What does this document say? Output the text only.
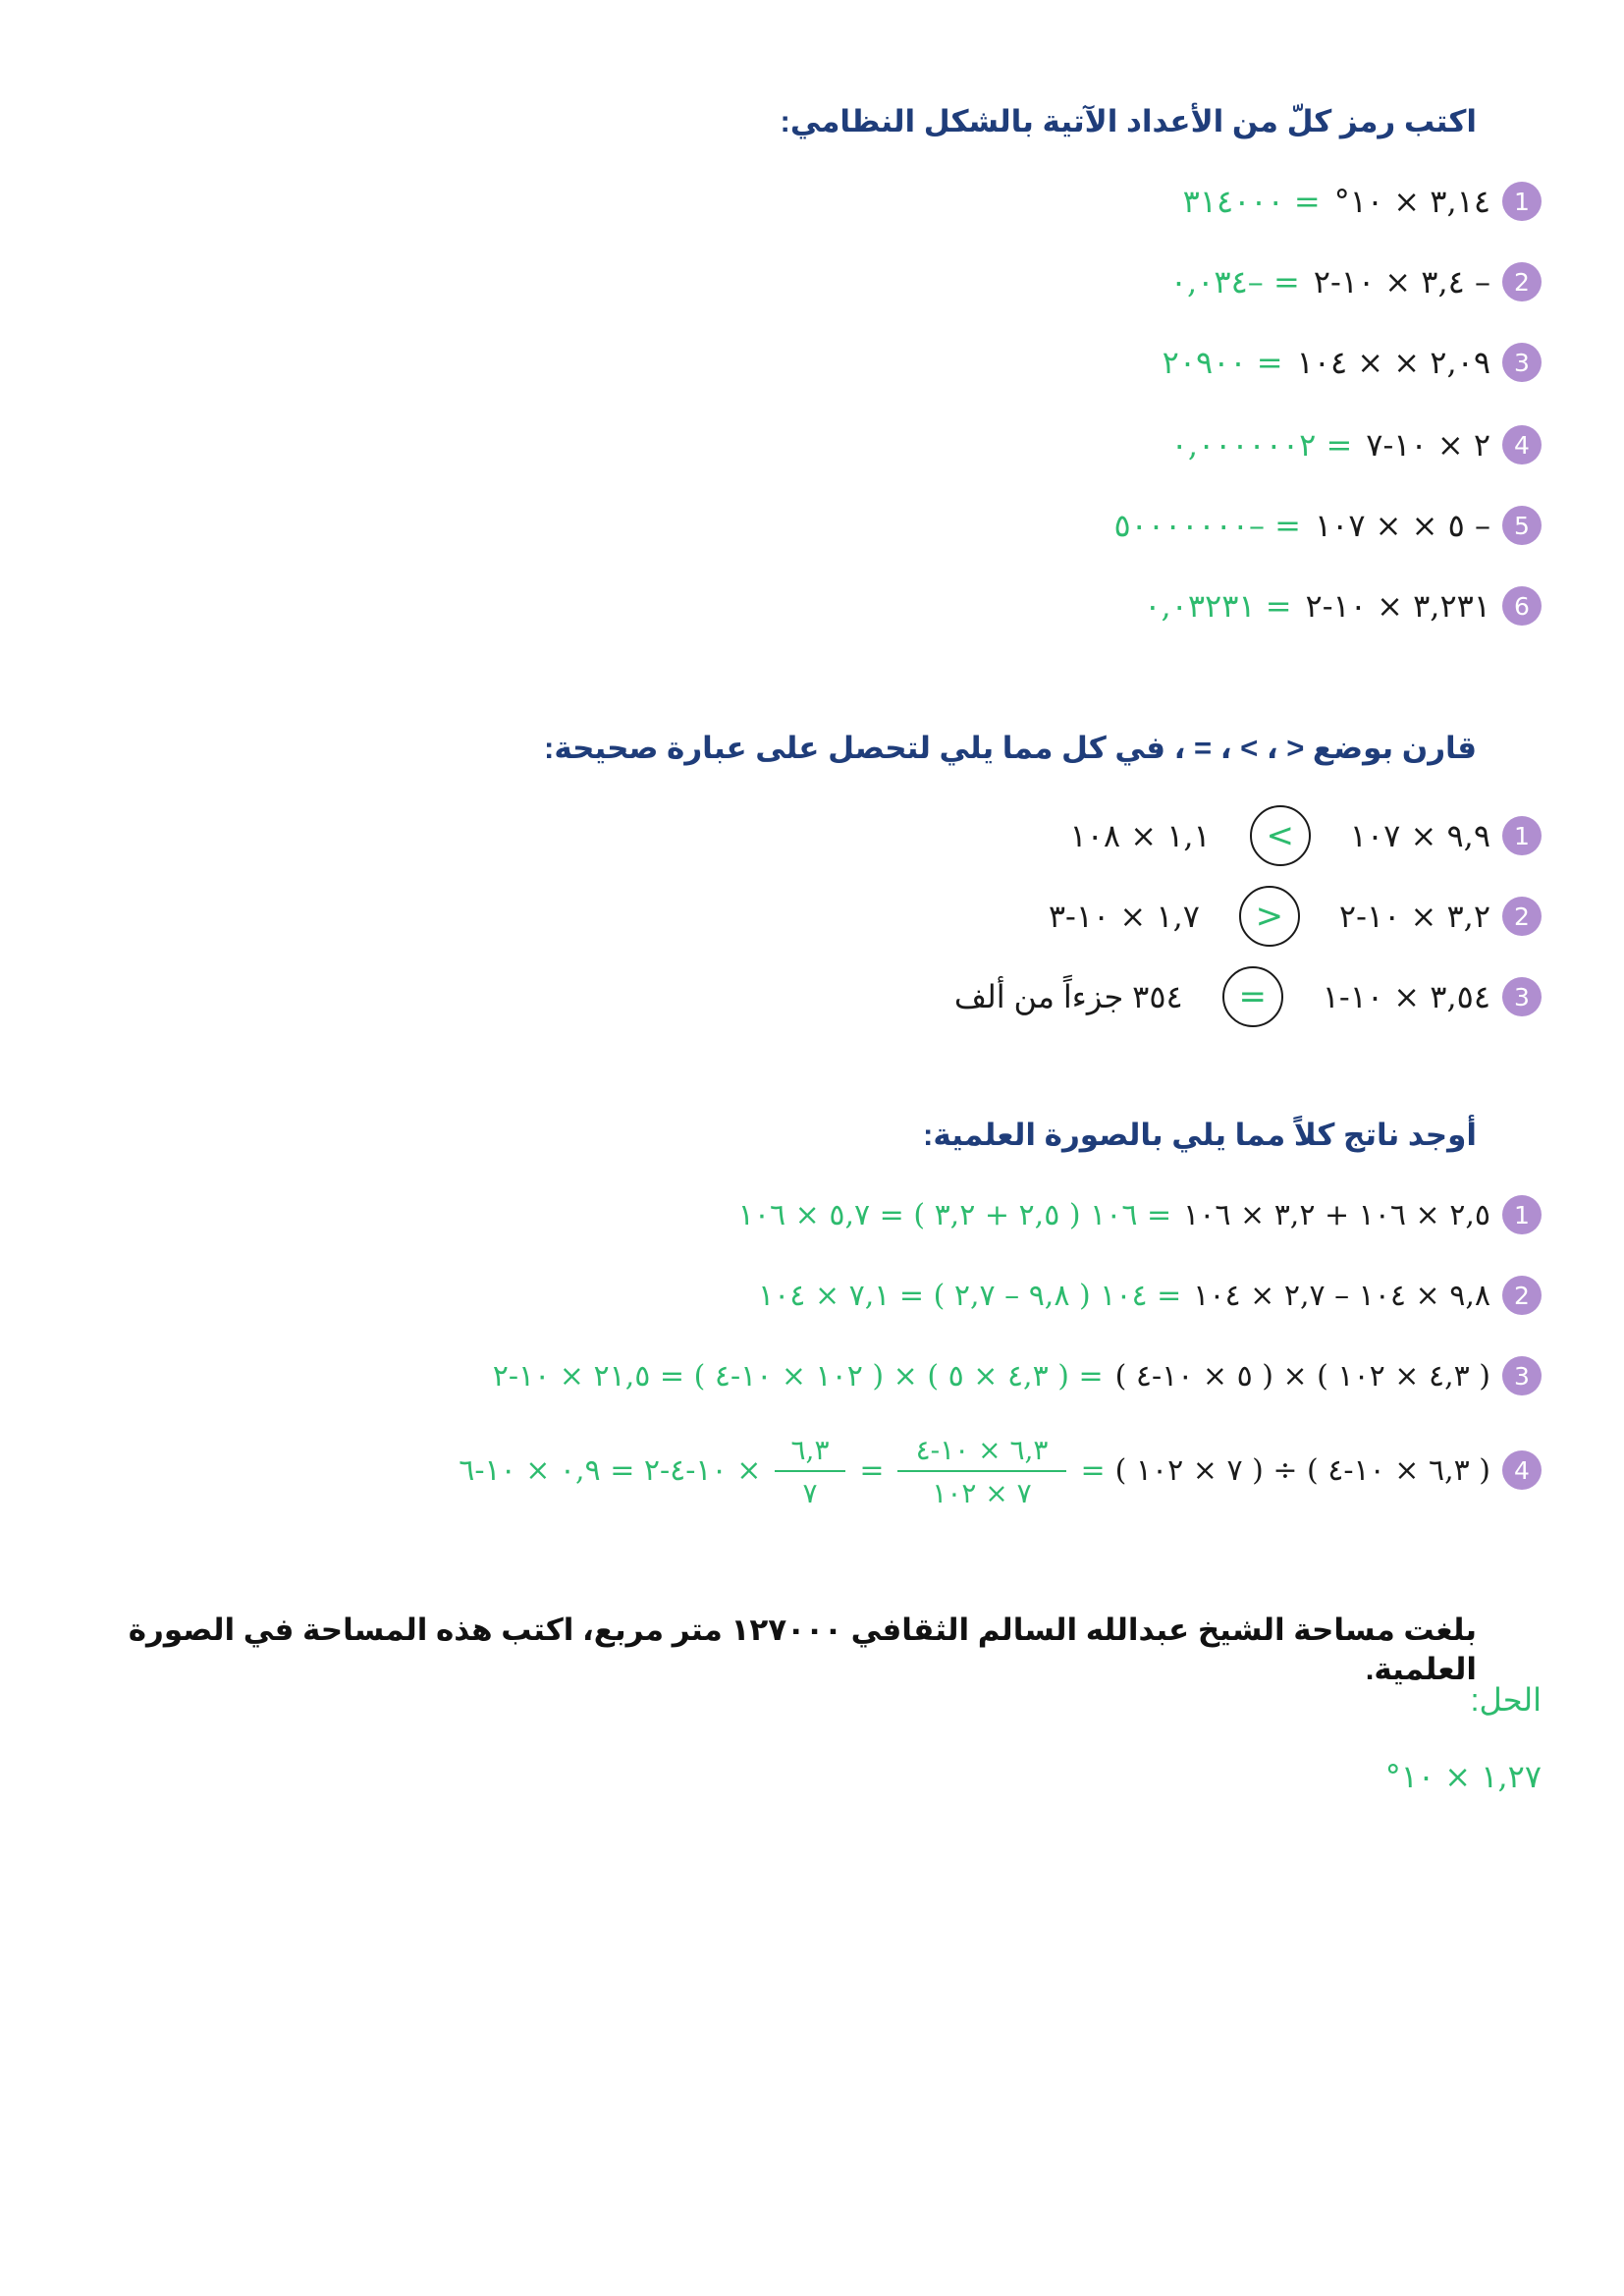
اكتب رمز كلّ من الأعداد الآتية بالشكل النظامي:
1
٣,١٤ × ١٠°
= ٣١٤٠٠٠
2
– ٣,٤ × ١٠-٢
= –٠,٠٣٤
3
٢,٠٩ × × ١٠٤
= ٢٠٩٠٠
4
٢ × ١٠-٧
= ٠,٠٠٠٠٠٠٢
5
– ٥ × × ١٠٧
= –٥٠٠٠٠٠٠٠
6
٣,٢٣١ × ١٠-٢
= ٠,٠٣٢٣١
قارن بوضع < ، > ، = ، في كل مما يلي لتحصل على عبارة صحيحة:
1
٩,٩ × ١٠٧
>
١,١ × ١٠٨
2
٣,٢ × ١٠-٢
<
١,٧ × ١٠-٣
3
٣,٥٤ × ١٠-١
=
٣٥٤ جزءاً من ألف
أوجد ناتج كلاً مما يلي بالصورة العلمية:
1
٢,٥ × ١٠٦ + ٣,٢ × ١٠٦
= ١٠٦ ( ٢,٥ + ٣,٢ ) = ٥,٧ × ١٠٦
2
٩,٨ × ١٠٤ – ٢,٧ × ١٠٤
= ١٠٤ ( ٩,٨ – ٢,٧ ) = ٧,١ × ١٠٤
3
( ٤,٣ × ١٠٢ ) × ( ٥ × ١٠-٤ )
= ( ٤,٣ × ٥ ) × ( ١٠٢ × ١٠-٤ ) = ٢١,٥ × ١٠-٢
4
( ٦,٣ × ١٠-٤ ) ÷ ( ٧ × ١٠٢ )
=
٦,٣ × ١٠-٤
٧ × ١٠٢
=
٦,٣
٧
× ١٠-٤-٢ = ٠,٩ × ١٠-٦
بلغت مساحة الشيخ عبدالله السالم الثقافي ١٢٧٠٠٠ متر مربع، اكتب هذه المساحة في الصورة العلمية.
الحل:
١,٢٧ × ١٠°
